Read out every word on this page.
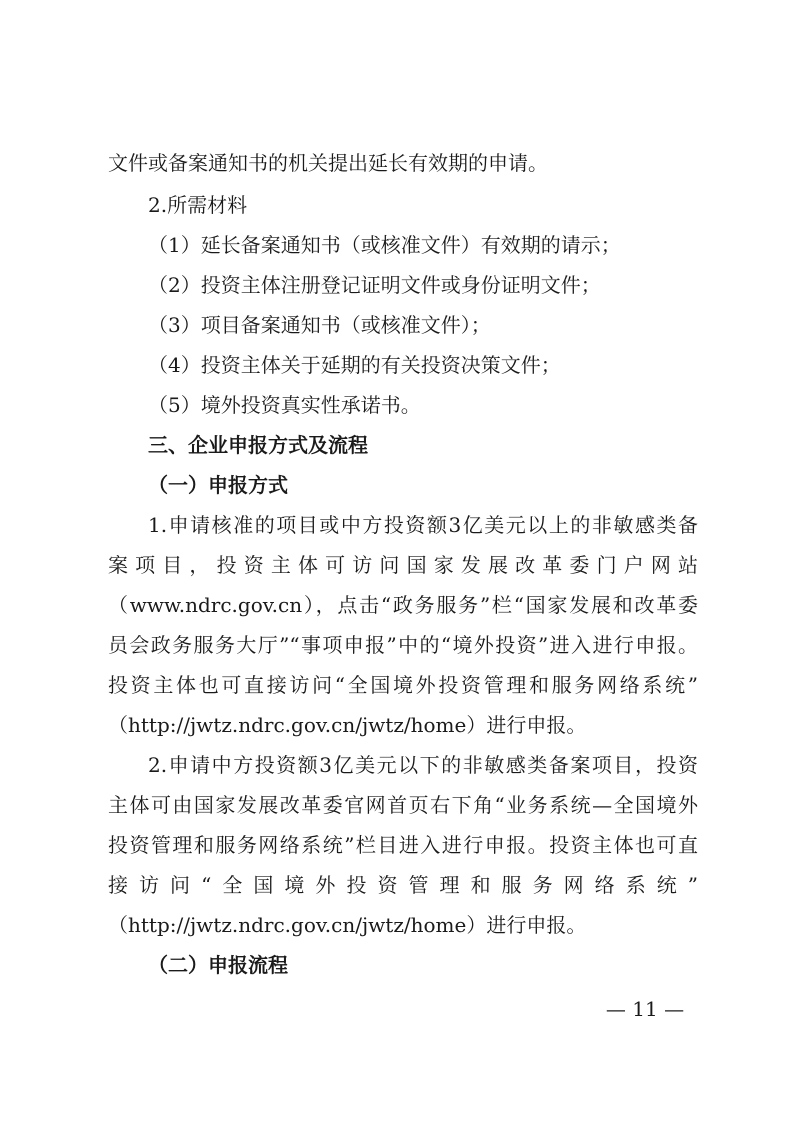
文件或备案通知书的机关提出延长有效期的申请。
2.所需材料
（1）延长备案通知书（或核准文件）有效期的请示；
（2）投资主体注册登记证明文件或身份证明文件；
（3）项目备案通知书（或核准文件）；
（4）投资主体关于延期的有关投资决策文件；
（5）境外投资真实性承诺书。
三、企业申报方式及流程
（一）申报方式
1.申请核准的项目或中方投资额3亿美元以上的非敏感类备
案项目，投资主体可访问国家发展改革委门户网站
（www.ndrc.gov.cn），点击“政务服务”栏“国家发展和改革委
员会政务服务大厅”“事项申报”中的“境外投资”进入进行申报。
投资主体也可直接访问“全国境外投资管理和服务网络系统”
（http://jwtz.ndrc.gov.cn/jwtz/home）进行申报。
2.申请中方投资额3亿美元以下的非敏感类备案项目，投资
主体可由国家发展改革委官网首页右下角“业务系统—全国境外
投资管理和服务网络系统”栏目进入进行申报。投资主体也可直
接访问“全国境外投资管理和服务网络系统”
（http://jwtz.ndrc.gov.cn/jwtz/home）进行申报。
（二）申报流程
— 11 —
